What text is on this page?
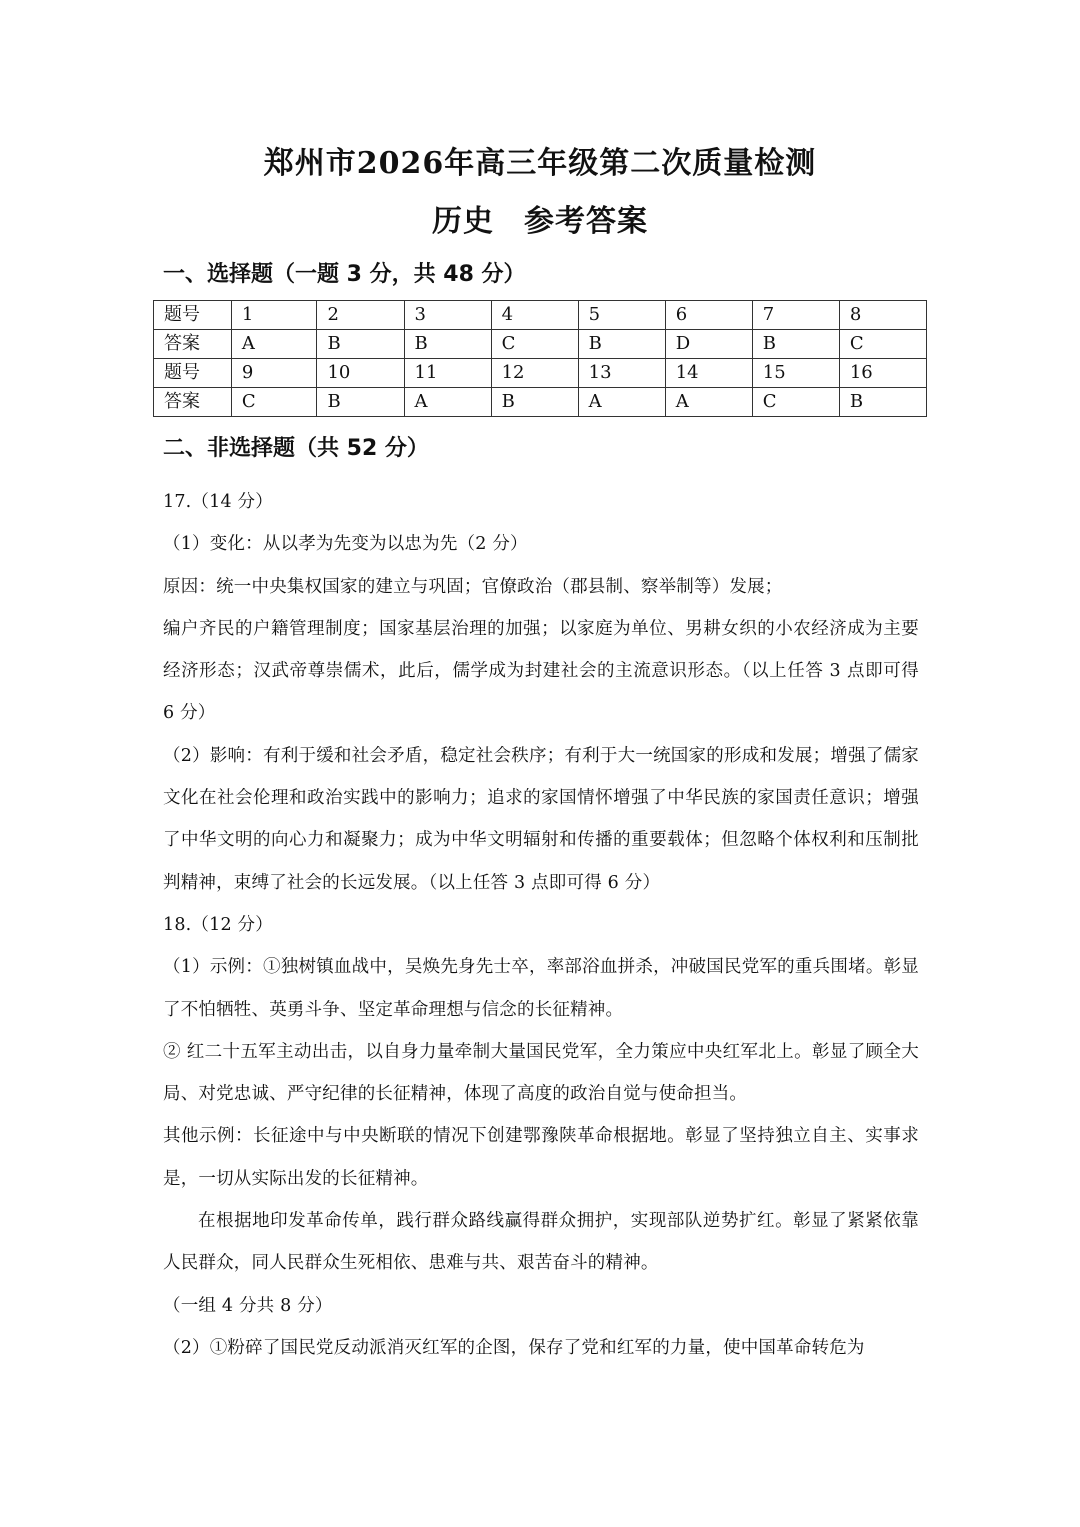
郑州市2026年高三年级第二次质量检测
历史 参考答案
一、选择题（一题 3 分，共 48 分）
题号	1	2	3	4	5	6	7	8
答案	A	B	B	C	B	D	B	C
题号	9	10	11	12	13	14	15	16
答案	C	B	A	B	A	A	C	B
二、非选择题（共 52 分）

17.（14 分）

（1）变化：从以孝为先变为以忠为先（2 分）

原因：统一中央集权国家的建立与巩固；官僚政治（郡县制、察举制等）发展；

编户齐民的户籍管理制度；国家基层治理的加强；以家庭为单位、男耕女织的小农经济成为主要经济形态；汉武帝尊崇儒术，此后，儒学成为封建社会的主流意识形态。（以上任答 3 点即可得 6 分）

（2）影响：有利于缓和社会矛盾，稳定社会秩序；有利于大一统国家的形成和发展；增强了儒家文化在社会伦理和政治实践中的影响力；追求的家国情怀增强了中华民族的家国责任意识；增强了中华文明的向心力和凝聚力；成为中华文明辐射和传播的重要载体；但忽略个体权利和压制批判精神，束缚了社会的长远发展。（以上任答 3 点即可得 6 分）

18.（12 分）

（1）示例：①独树镇血战中，吴焕先身先士卒，率部浴血拼杀，冲破国民党军的重兵围堵。彰显了不怕牺牲、英勇斗争、坚定革命理想与信念的长征精神。

② 红二十五军主动出击，以自身力量牵制大量国民党军，全力策应中央红军北上。彰显了顾全大局、对党忠诚、严守纪律的长征精神，体现了高度的政治自觉与使命担当。

其他示例：长征途中与中央断联的情况下创建鄂豫陕革命根据地。彰显了坚持独立自主、实事求是，一切从实际出发的长征精神。

在根据地印发革命传单，践行群众路线赢得群众拥护，实现部队逆势扩红。彰显了紧紧依靠人民群众，同人民群众生死相依、患难与共、艰苦奋斗的精神。

（一组 4 分共 8 分）

（2）①粉碎了国民党反动派消灭红军的企图，保存了党和红军的力量，使中国革命转危为
